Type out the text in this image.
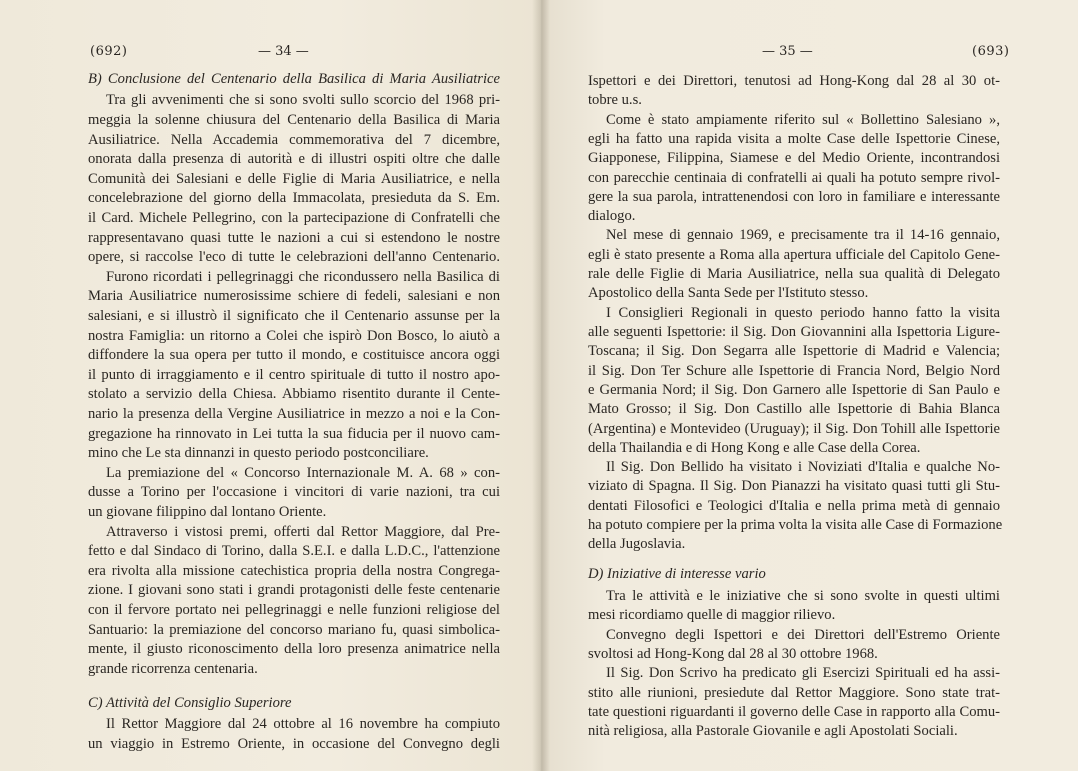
(692)	— 34 —
B) Conclusione del Centenario della Basilica di Maria Ausiliatrice
Tra gli avvenimenti che si sono svolti sullo scorcio del 1968 pri-
meggia la solenne chiusura del Centenario della Basilica di Maria
Ausiliatrice. Nella Accademia commemorativa del 7 dicembre,
onorata dalla presenza di autorità e di illustri ospiti oltre che dalle
Comunità dei Salesiani e delle Figlie di Maria Ausiliatrice, e nella
concelebrazione del giorno della Immacolata, presieduta da S. Em.
il Card. Michele Pellegrino, con la partecipazione di Confratelli che
rappresentavano quasi tutte le nazioni a cui si estendono le nostre
opere, si raccolse l'eco di tutte le celebrazioni dell'anno Centenario.
Furono ricordati i pellegrinaggi che ricondussero nella Basilica di
Maria Ausiliatrice numerosissime schiere di fedeli, salesiani e non
salesiani, e si illustrò il significato che il Centenario assunse per la
nostra Famiglia: un ritorno a Colei che ispirò Don Bosco, lo aiutò a
diffondere la sua opera per tutto il mondo, e costituisce ancora oggi
il punto di irraggiamento e il centro spirituale di tutto il nostro apo-
stolato a servizio della Chiesa. Abbiamo risentito durante il Cente-
nario la presenza della Vergine Ausiliatrice in mezzo a noi e la Con-
gregazione ha rinnovato in Lei tutta la sua fiducia per il nuovo cam-
mino che Le sta dinnanzi in questo periodo postconciliare.
La premiazione del « Concorso Internazionale M. A. 68 » con-
dusse a Torino per l'occasione i vincitori di varie nazioni, tra cui
un giovane filippino dal lontano Oriente.
Attraverso i vistosi premi, offerti dal Rettor Maggiore, dal Pre-
fetto e dal Sindaco di Torino, dalla S.E.I. e dalla L.D.C., l'attenzione
era rivolta alla missione catechistica propria della nostra Congrega-
zione. I giovani sono stati i grandi protagonisti delle feste centenarie
con il fervore portato nei pellegrinaggi e nelle funzioni religiose del
Santuario: la premiazione del concorso mariano fu, quasi simbolica-
mente, il giusto riconoscimento della loro presenza animatrice nella
grande ricorrenza centenaria.
C) Attività del Consiglio Superiore
Il Rettor Maggiore dal 24 ottobre al 16 novembre ha compiuto
un viaggio in Estremo Oriente, in occasione del Convegno degli
— 35 —	(693)
Ispettori e dei Direttori, tenutosi ad Hong-Kong dal 28 al 30 ot-
tobre u.s.
Come è stato ampiamente riferito sul « Bollettino Salesiano »,
egli ha fatto una rapida visita a molte Case delle Ispettorie Cinese,
Giapponese, Filippina, Siamese e del Medio Oriente, incontrandosi
con parecchie centinaia di confratelli ai quali ha potuto sempre rivol-
gere la sua parola, intrattenendosi con loro in familiare e interessante
dialogo.
Nel mese di gennaio 1969, e precisamente tra il 14-16 gennaio,
egli è stato presente a Roma alla apertura ufficiale del Capitolo Gene-
rale delle Figlie di Maria Ausiliatrice, nella sua qualità di Delegato
Apostolico della Santa Sede per l'Istituto stesso.
I Consiglieri Regionali in questo periodo hanno fatto la visita
alle seguenti Ispettorie: il Sig. Don Giovannini alla Ispettoria Ligure-
Toscana; il Sig. Don Segarra alle Ispettorie di Madrid e Valencia;
il Sig. Don Ter Schure alle Ispettorie di Francia Nord, Belgio Nord
e Germania Nord; il Sig. Don Garnero alle Ispettorie di San Paulo e
Mato Grosso; il Sig. Don Castillo alle Ispettorie di Bahia Blanca
(Argentina) e Montevideo (Uruguay); il Sig. Don Tohill alle Ispettorie
della Thailandia e di Hong Kong e alle Case della Corea.
Il Sig. Don Bellido ha visitato i Noviziati d'Italia e qualche No-
viziato di Spagna. Il Sig. Don Pianazzi ha visitato quasi tutti gli Stu-
dentati Filosofici e Teologici d'Italia e nella prima metà di gennaio
ha potuto compiere per la prima volta la visita alle Case di Formazione
della Jugoslavia.
D) Iniziative di interesse vario
Tra le attività e le iniziative che si sono svolte in questi ultimi
mesi ricordiamo quelle di maggior rilievo.
Convegno degli Ispettori e dei Direttori dell'Estremo Oriente
svoltosi ad Hong-Kong dal 28 al 30 ottobre 1968.
Il Sig. Don Scrivo ha predicato gli Esercizi Spirituali ed ha assi-
stito alle riunioni, presiedute dal Rettor Maggiore. Sono state trat-
tate questioni riguardanti il governo delle Case in rapporto alla Comu-
nità religiosa, alla Pastorale Giovanile e agli Apostolati Sociali.
